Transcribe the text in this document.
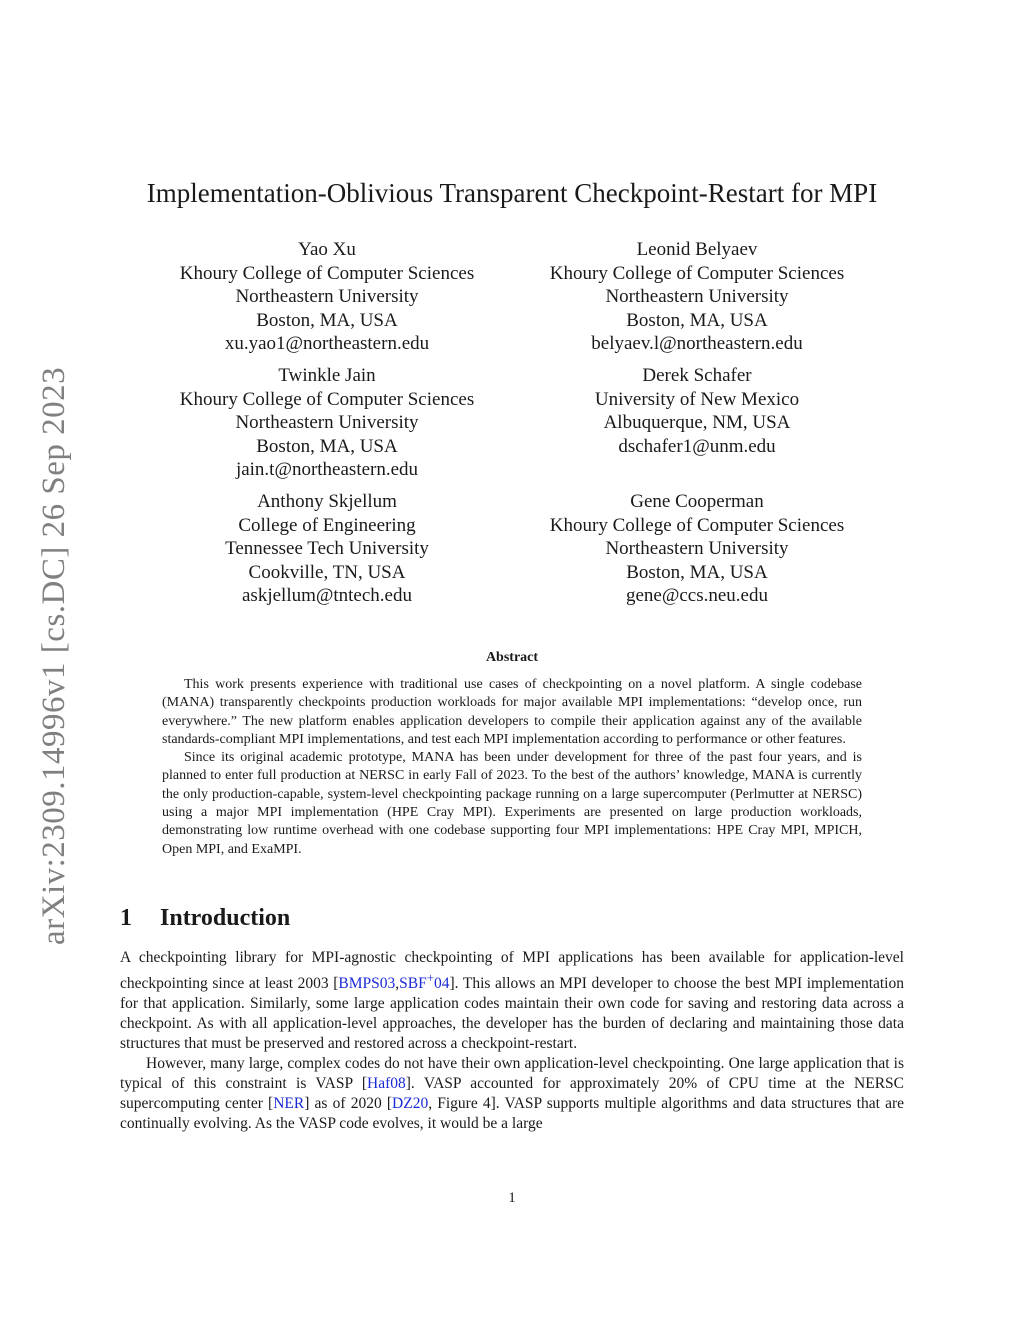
arXiv:2309.14996v1 [cs.DC] 26 Sep 2023
Implementation-Oblivious Transparent Checkpoint-Restart for MPI
Yao Xu
Khoury College of Computer Sciences
Northeastern University
Boston, MA, USA
xu.yao1@northeastern.edu
Leonid Belyaev
Khoury College of Computer Sciences
Northeastern University
Boston, MA, USA
belyaev.l@northeastern.edu
Twinkle Jain
Khoury College of Computer Sciences
Northeastern University
Boston, MA, USA
jain.t@northeastern.edu
Derek Schafer
University of New Mexico
Albuquerque, NM, USA
dschafer1@unm.edu
Anthony Skjellum
College of Engineering
Tennessee Tech University
Cookville, TN, USA
askjellum@tntech.edu
Gene Cooperman
Khoury College of Computer Sciences
Northeastern University
Boston, MA, USA
gene@ccs.neu.edu
Abstract

This work presents experience with traditional use cases of checkpointing on a novel platform. A single codebase (MANA) transparently checkpoints production workloads for major available MPI implementations: “develop once, run everywhere.” The new platform enables application developers to compile their application against any of the available standards-compliant MPI implementations, and test each MPI implementation according to performance or other features.

Since its original academic prototype, MANA has been under development for three of the past four years, and is planned to enter full production at NERSC in early Fall of 2023. To the best of the authors’ knowledge, MANA is currently the only production-capable, system-level checkpointing package running on a large supercomputer (Perlmutter at NERSC) using a major MPI implementation (HPE Cray MPI). Experiments are presented on large production workloads, demonstrating low runtime overhead with one codebase supporting four MPI implementations: HPE Cray MPI, MPICH, Open MPI, and ExaMPI.

1 Introduction

A checkpointing library for MPI-agnostic checkpointing of MPI applications has been available for application-level checkpointing since at least 2003 [BMPS03,SBF+04]. This allows an MPI developer to choose the best MPI implementation for that application. Similarly, some large application codes maintain their own code for saving and restoring data across a checkpoint. As with all application-level approaches, the developer has the burden of declaring and maintaining those data structures that must be preserved and restored across a checkpoint-restart.

However, many large, complex codes do not have their own application-level checkpointing. One large application that is typical of this constraint is VASP [Haf08]. VASP accounted for approximately 20% of CPU time at the NERSC supercomputing center [NER] as of 2020 [DZ20, Figure 4]. VASP supports multiple algorithms and data structures that are continually evolving. As the VASP code evolves, it would be a large

1
